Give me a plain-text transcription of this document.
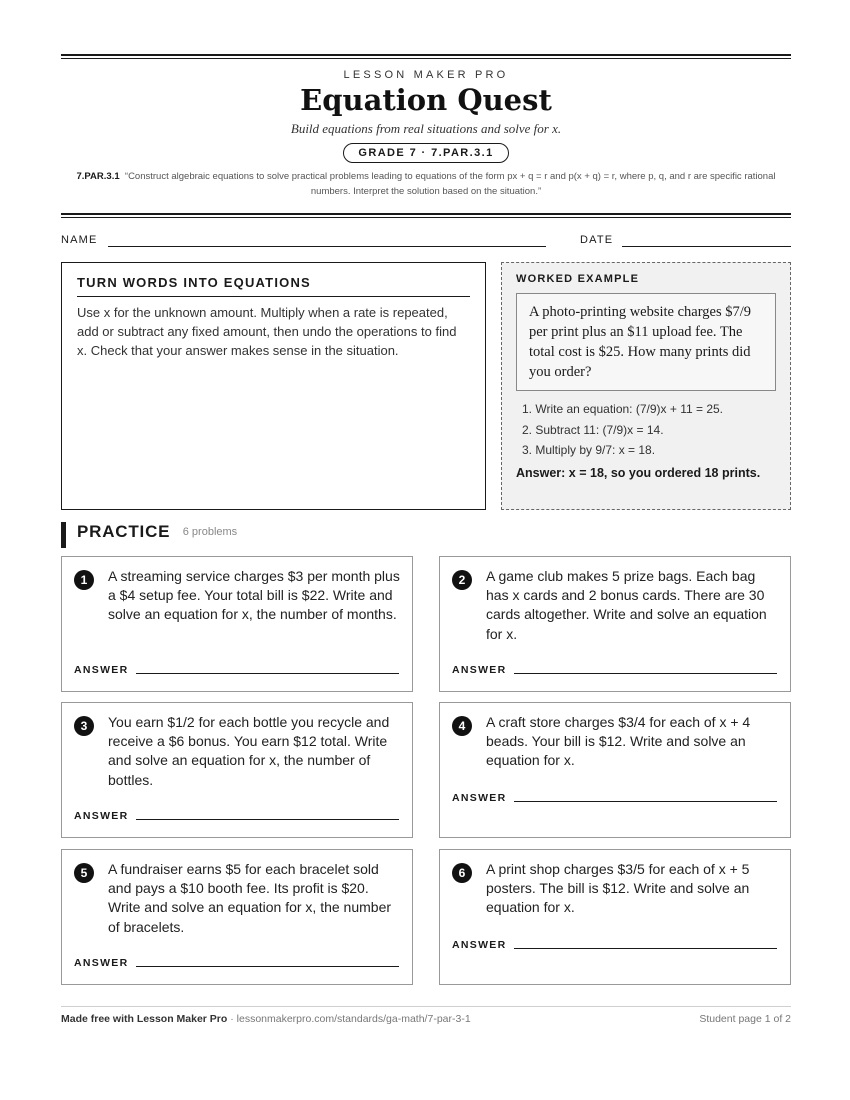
LESSON MAKER PRO
Equation Quest
Build equations from real situations and solve for x.
GRADE 7 · 7.PAR.3.1
7.PAR.3.1 “Construct algebraic equations to solve practical problems leading to equations of the form px + q = r and p(x + q) = r, where p, q, and r are specific rational numbers. Interpret the solution based on the situation.”
NAME	DATE
TURN WORDS INTO EQUATIONS

Use x for the unknown amount. Multiply when a rate is repeated, add or subtract any fixed amount, then undo the operations to find x. Check that your answer makes sense in the situation.

WORKED EXAMPLE
A photo-printing website charges $7/9 per print plus an $11 upload fee. The total cost is $25. How many prints did you order?
1. Write an equation: (7/9)x + 11 = 25.
2. Subtract 11: (7/9)x = 14.
3. Multiply by 9/7: x = 18.
Answer: x = 18, so you ordered 18 prints.
PRACTICE 6 problems
1	A streaming service charges $3 per month plus a $4 setup fee. Your total bill is $22. Write and solve an equation for x, the number of months.
ANSWER
2	A game club makes 5 prize bags. Each bag has x cards and 2 bonus cards. There are 30 cards altogether. Write and solve an equation for x.
ANSWER
3	You earn $1/2 for each bottle you recycle and receive a $6 bonus. You earn $12 total. Write and solve an equation for x, the number of bottles.
ANSWER
4	A craft store charges $3/4 for each of x + 4 beads. Your bill is $12. Write and solve an equation for x.
ANSWER
5	A fundraiser earns $5 for each bracelet sold and pays a $10 booth fee. Its profit is $20. Write and solve an equation for x, the number of bracelets.
ANSWER
6	A print shop charges $3/5 for each of x + 5 posters. The bill is $12. Write and solve an equation for x.
ANSWER
Made free with Lesson Maker Pro · lessonmakerpro.com/standards/ga-math/7-par-3-1	Student page 1 of 2
